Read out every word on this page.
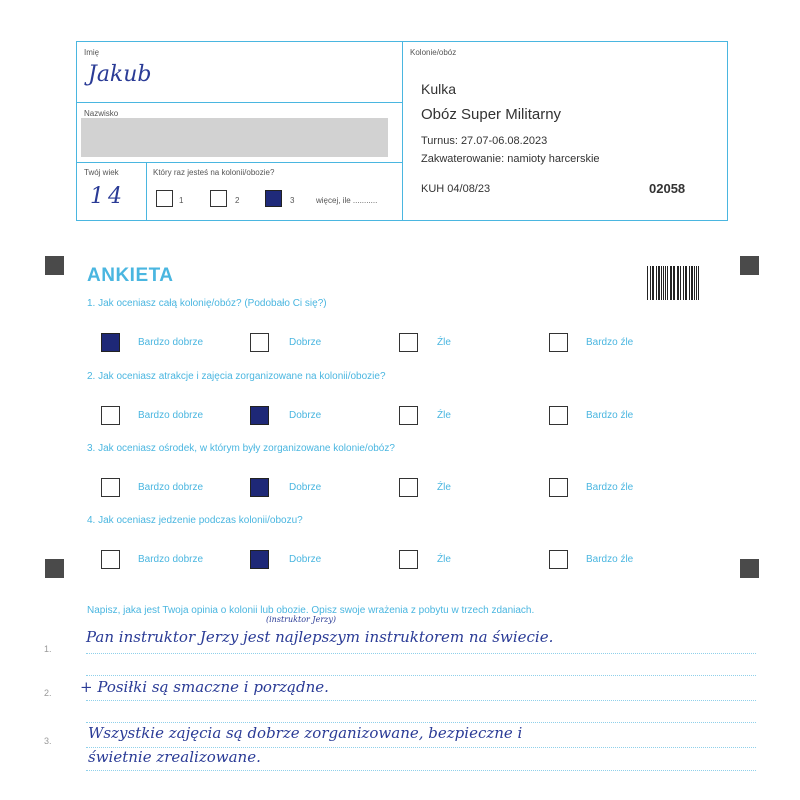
Imię
Jakub
Nazwisko
Twój wiek
14
Który raz jesteś na kolonii/obozie?
1	2	3	więcej, ile ...........
Kolonie/obóz
Kulka
Obóz Super Militarny
Turnus: 27.07-06.08.2023
Zakwaterowanie: namioty harcerskie
KUH 04/08/23	02058
ANKIETA
1. Jak oceniasz całą kolonię/obóz? (Podobało Ci się?)
Bardzo dobrze	Dobrze	Źle	Bardzo źle
2. Jak oceniasz atrakcje i zajęcia zorganizowane na kolonii/obozie?
Bardzo dobrze	Dobrze	Źle	Bardzo źle
3. Jak oceniasz ośrodek, w którym były zorganizowane kolonie/obóz?
Bardzo dobrze	Dobrze	Źle	Bardzo źle
4. Jak oceniasz jedzenie podczas kolonii/obozu?
Bardzo dobrze	Dobrze	Źle	Bardzo źle
Napisz, jaka jest Twoja opinia o kolonii lub obozie. Opisz swoje wrażenia z pobytu w trzech zdaniach.
1.
2.
3.
(instruktor Jerzy)
Pan instruktor Jerzy jest najlepszym instruktorem na świecie.
+ Posiłki są smaczne i porządne.
Wszystkie zajęcia są dobrze zorganizowane, bezpieczne i
świetnie zrealizowane.
